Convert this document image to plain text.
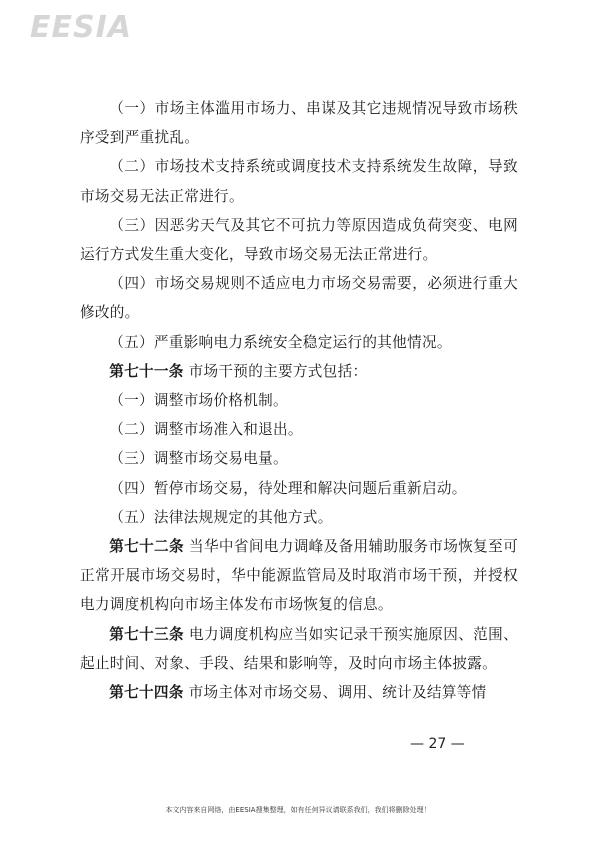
EESIA

（一）市场主体滥用市场力、串谋及其它违规情况导致市场秩序受到严重扰乱。

（二）市场技术支持系统或调度技术支持系统发生故障，导致市场交易无法正常进行。

（三）因恶劣天气及其它不可抗力等原因造成负荷突变、电网运行方式发生重大变化，导致市场交易无法正常进行。

（四）市场交易规则不适应电力市场交易需要，必须进行重大修改的。

（五）严重影响电力系统安全稳定运行的其他情况。

第七十一条 市场干预的主要方式包括：

（一）调整市场价格机制。

（二）调整市场准入和退出。

（三）调整市场交易电量。

（四）暂停市场交易，待处理和解决问题后重新启动。

（五）法律法规规定的其他方式。

第七十二条 当华中省间电力调峰及备用辅助服务市场恢复至可正常开展市场交易时，华中能源监管局及时取消市场干预，并授权电力调度机构向市场主体发布市场恢复的信息。

第七十三条 电力调度机构应当如实记录干预实施原因、范围、起止时间、对象、手段、结果和影响等，及时向市场主体披露。

第七十四条 市场主体对市场交易、调用、统计及结算等情

— 27 —
本文内容来自网络，由EESIA搜集整理，如有任何异议请联系我们，我们将删除处理！
